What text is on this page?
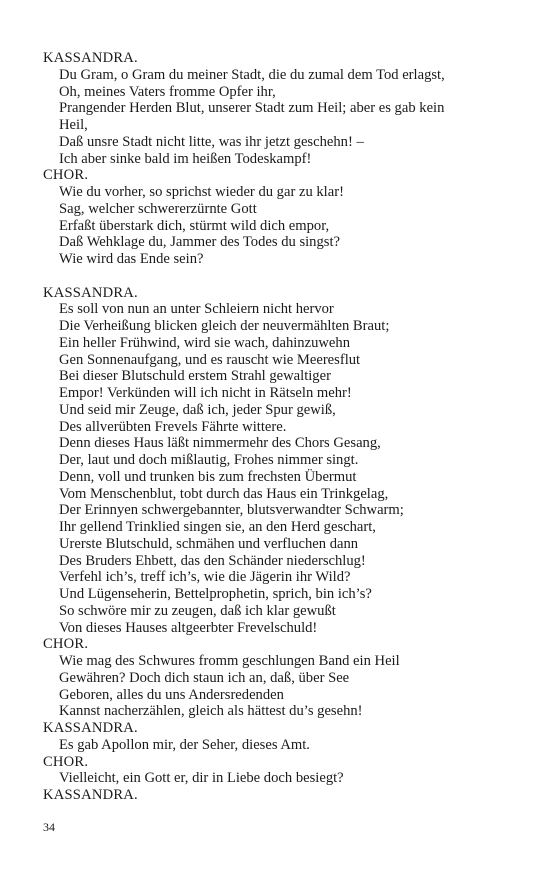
KASSANDRA.
Du Gram, o Gram du meiner Stadt, die du zumal dem Tod erlagst,
Oh, meines Vaters fromme Opfer ihr,
Prangender Herden Blut, unserer Stadt zum Heil; aber es gab kein
Heil,
Daß unsre Stadt nicht litte, was ihr jetzt geschehn! –
Ich aber sinke bald im heißen Todeskampf!
CHOR.
Wie du vorher, so sprichst wieder du gar zu klar!
Sag, welcher schwererzürnte Gott
Erfaßt überstark dich, stürmt wild dich empor,
Daß Wehklage du, Jammer des Todes du singst?
Wie wird das Ende sein?
KASSANDRA.
Es soll von nun an unter Schleiern nicht hervor
Die Verheißung blicken gleich der neuvermählten Braut;
Ein heller Frühwind, wird sie wach, dahinzuwehn
Gen Sonnenaufgang, und es rauscht wie Meeresflut
Bei dieser Blutschuld erstem Strahl gewaltiger
Empor! Verkünden will ich nicht in Rätseln mehr!
Und seid mir Zeuge, daß ich, jeder Spur gewiß,
Des allverübten Frevels Fährte wittere.
Denn dieses Haus läßt nimmermehr des Chors Gesang,
Der, laut und doch mißlautig, Frohes nimmer singt.
Denn, voll und trunken bis zum frechsten Übermut
Vom Menschenblut, tobt durch das Haus ein Trinkgelag,
Der Erinnyen schwergebannter, blutsverwandter Schwarm;
Ihr gellend Trinklied singen sie, an den Herd geschart,
Urerste Blutschuld, schmähen und verfluchen dann
Des Bruders Ehbett, das den Schänder niederschlug!
Verfehl ich’s, treff ich’s, wie die Jägerin ihr Wild?
Und Lügenseherin, Bettelprophetin, sprich, bin ich’s?
So schwöre mir zu zeugen, daß ich klar gewußt
Von dieses Hauses altgeerbter Frevelschuld!
CHOR.
Wie mag des Schwures fromm geschlungen Band ein Heil
Gewähren? Doch dich staun ich an, daß, über See
Geboren, alles du uns Andersredenden
Kannst nacherzählen, gleich als hättest du’s gesehn!
KASSANDRA.
Es gab Apollon mir, der Seher, dieses Amt.
CHOR.
Vielleicht, ein Gott er, dir in Liebe doch besiegt?
KASSANDRA.
34
